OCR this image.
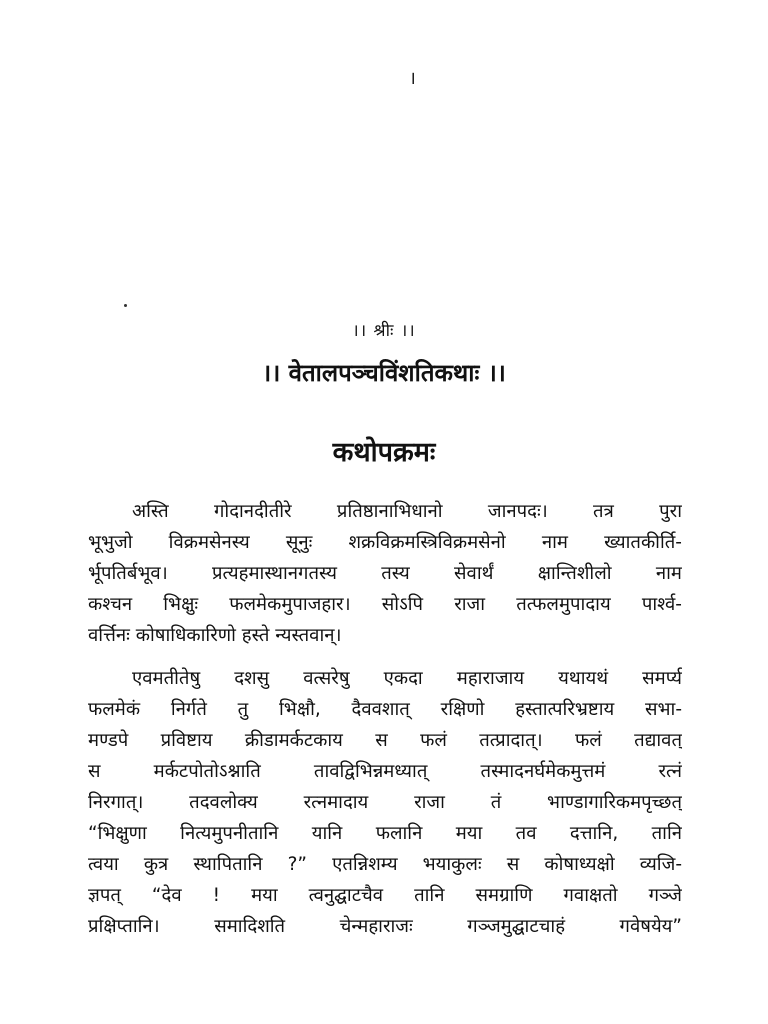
।
।। श्रीः ।।
।। वेतालपञ्चविंशतिकथाः ।।
कथोपक्रमः
अस्ति गोदानदीतीरे प्रतिष्ठानाभिधानो जानपदः। तत्र पुरा
भूभुजो विक्रमसेनस्य सूनुः शक्रविक्रमस्त्रिविक्रमसेनो नाम ख्यातकीर्ति-
र्भूपतिर्बभूव। प्रत्यहमास्थानगतस्य तस्य सेवार्थं क्षान्तिशीलो नाम
कश्चन भिक्षुः फलमेकमुपाजहार। सोऽपि राजा तत्फलमुपादाय पार्श्व-
वर्त्तिनः कोषाधिकारिणो हस्ते न्यस्तवान्।
एवमतीतेषु दशसु वत्सरेषु एकदा महाराजाय यथायथं समर्प्य
फलमेकं निर्गते तु भिक्षौ, दैववशात् रक्षिणो हस्तात्परिभ्रष्टाय सभा-
मण्डपे प्रविष्टाय क्रीडामर्कटकाय स फलं तत्प्रादात्। फलं तद्यावत्
स मर्कटपोतोऽश्नाति तावद्विभिन्नमध्यात् तस्मादनर्घमेकमुत्तमं रत्नं
निरगात्। तदवलोक्य रत्नमादाय राजा तं भाण्डागारिकमपृच्छत्
“भिक्षुणा नित्यमुपनीतानि यानि फलानि मया तव दत्तानि, तानि
त्वया कुत्र स्थापितानि ?” एतन्निशम्य भयाकुलः स कोषाध्यक्षो व्यजि-
ज्ञपत् “देव ! मया त्वनुद्घाटचैव तानि समग्राणि गवाक्षतो गञ्जे
प्रक्षिप्तानि। समादिशति चेन्महाराजः गञ्जमुद्घाटचाहं गवेषयेय”
